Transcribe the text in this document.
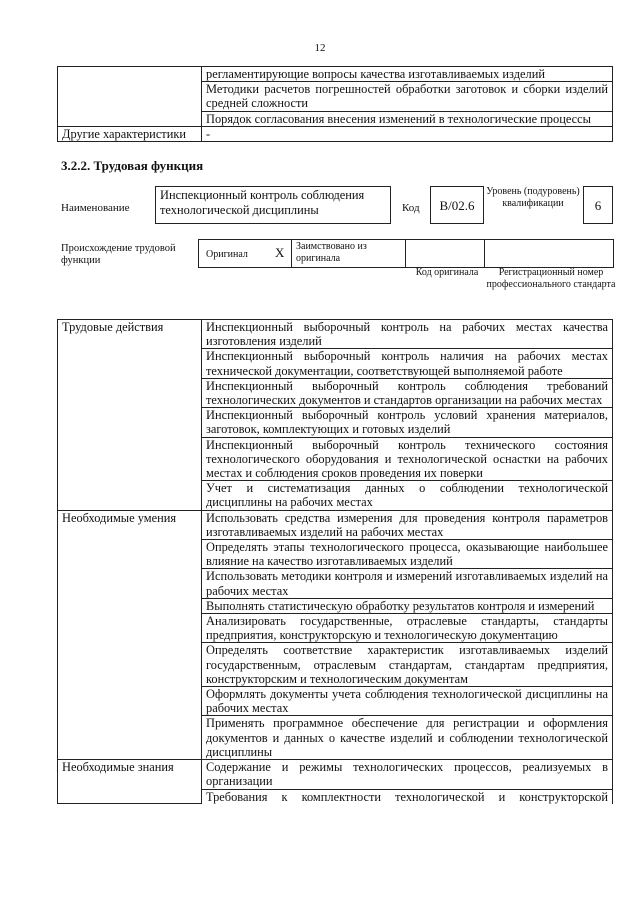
12
	регламентирующие вопросы качества изготавливаемых изделий
	Методики расчетов погрешностей обработки заготовок и сборки изделий средней сложности
	Порядок согласования внесения изменений в технологические процессы
Другие характеристики	-
3.2.2. Трудовая функция
Наименование
Инспекционный контроль соблюдения технологической дисциплины	Код	B/02.6
Уровень (подуровень) квалификации	6
Происхождение трудовой функции
Оригинал X Заимствовано из оригинала
Код оригинала	Регистрационный номер профессионального стандарта
Трудовые действия	Инспекционный выборочный контроль на рабочих местах качества изготовления изделий
	Инспекционный выборочный контроль наличия на рабочих местах технической документации, соответствующей выполняемой работе
	Инспекционный выборочный контроль соблюдения требований технологических документов и стандартов организации на рабочих местах
	Инспекционный выборочный контроль условий хранения материалов, заготовок, комплектующих и готовых изделий
	Инспекционный выборочный контроль технического состояния технологического оборудования и технологической оснастки на рабочих местах и соблюдения сроков проведения их поверки
	Учет и систематизация данных о соблюдении технологической дисциплины на рабочих местах
Необходимые умения	Использовать средства измерения для проведения контроля параметров изготавливаемых изделий на рабочих местах
	Определять этапы технологического процесса, оказывающие наибольшее влияние на качество изготавливаемых изделий
	Использовать методики контроля и измерений изготавливаемых изделий на рабочих местах
	Выполнять статистическую обработку результатов контроля и измерений
	Анализировать государственные, отраслевые стандарты, стандарты предприятия, конструкторскую и технологическую документацию
	Определять соответствие характеристик изготавливаемых изделий государственным, отраслевым стандартам, стандартам предприятия, конструкторским и технологическим документам
	Оформлять документы учета соблюдения технологической дисциплины на рабочих местах
	Применять программное обеспечение для регистрации и оформления документов и данных о качестве изделий и соблюдении технологической дисциплины
Необходимые знания	Содержание и режимы технологических процессов, реализуемых в организации
	Требования к комплектности технологической и конструкторской
